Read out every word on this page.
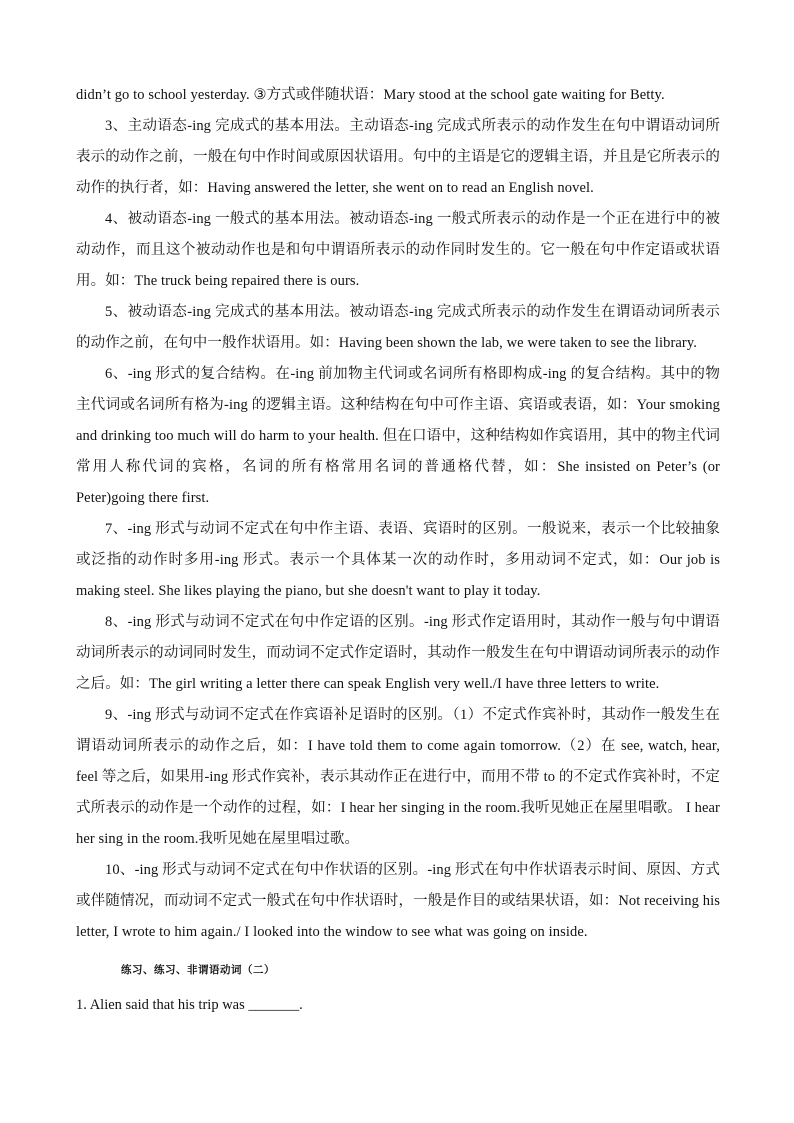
didn’t go to school yesterday. ③方式或伴随状语：Mary stood at the school gate waiting for Betty.

3、主动语态-ing 完成式的基本用法。主动语态-ing 完成式所表示的动作发生在句中谓语动词所表示的动作之前，一般在句中作时间或原因状语用。句中的主语是它的逻辑主语，并且是它所表示的动作的执行者，如：Having answered the letter, she went on to read an English novel.

4、被动语态-ing 一般式的基本用法。被动语态-ing 一般式所表示的动作是一个正在进行中的被动动作，而且这个被动动作也是和句中谓语所表示的动作同时发生的。它一般在句中作定语或状语用。如：The truck being repaired there is ours.

5、被动语态-ing 完成式的基本用法。被动语态-ing 完成式所表示的动作发生在谓语动词所表示的动作之前，在句中一般作状语用。如：Having been shown the lab, we were taken to see the library.

6、-ing 形式的复合结构。在-ing 前加物主代词或名词所有格即构成-ing 的复合结构。其中的物主代词或名词所有格为-ing 的逻辑主语。这种结构在句中可作主语、宾语或表语，如：Your smoking and drinking too much will do harm to your health. 但在口语中，这种结构如作宾语用，其中的物主代词常用人称代词的宾格，名词的所有格常用名词的普通格代替，如：She insisted on Peter’s (or Peter)going there first.

7、-ing 形式与动词不定式在句中作主语、表语、宾语时的区别。一般说来，表示一个比较抽象或泛指的动作时多用-ing 形式。表示一个具体某一次的动作时，多用动词不定式，如：Our job is making steel. She likes playing the piano, but she doesn't want to play it today.

8、-ing 形式与动词不定式在句中作定语的区别。-ing 形式作定语用时，其动作一般与句中谓语动词所表示的动词同时发生，而动词不定式作定语时，其动作一般发生在句中谓语动词所表示的动作之后。如：The girl writing a letter there can speak English very well./I have three letters to write.

9、-ing 形式与动词不定式在作宾语补足语时的区别。（1）不定式作宾补时，其动作一般发生在谓语动词所表示的动作之后，如：I have told them to come again tomorrow.（2）在 see, watch, hear, feel 等之后，如果用-ing 形式作宾补，表示其动作正在进行中，而用不带 to 的不定式作宾补时，不定式所表示的动作是一个动作的过程，如：I hear her singing in the room.我听见她正在屋里唱歌。 I hear her sing in the room.我听见她在屋里唱过歌。

10、-ing 形式与动词不定式在句中作状语的区别。-ing 形式在句中作状语表示时间、原因、方式或伴随情况，而动词不定式一般式在句中作状语时，一般是作目的或结果状语，如：Not receiving his letter, I wrote to him again./ I looked into the window to see what was going on inside.

练习、练习、非谓语动词（二）

1. Alien said that his trip was _______.
